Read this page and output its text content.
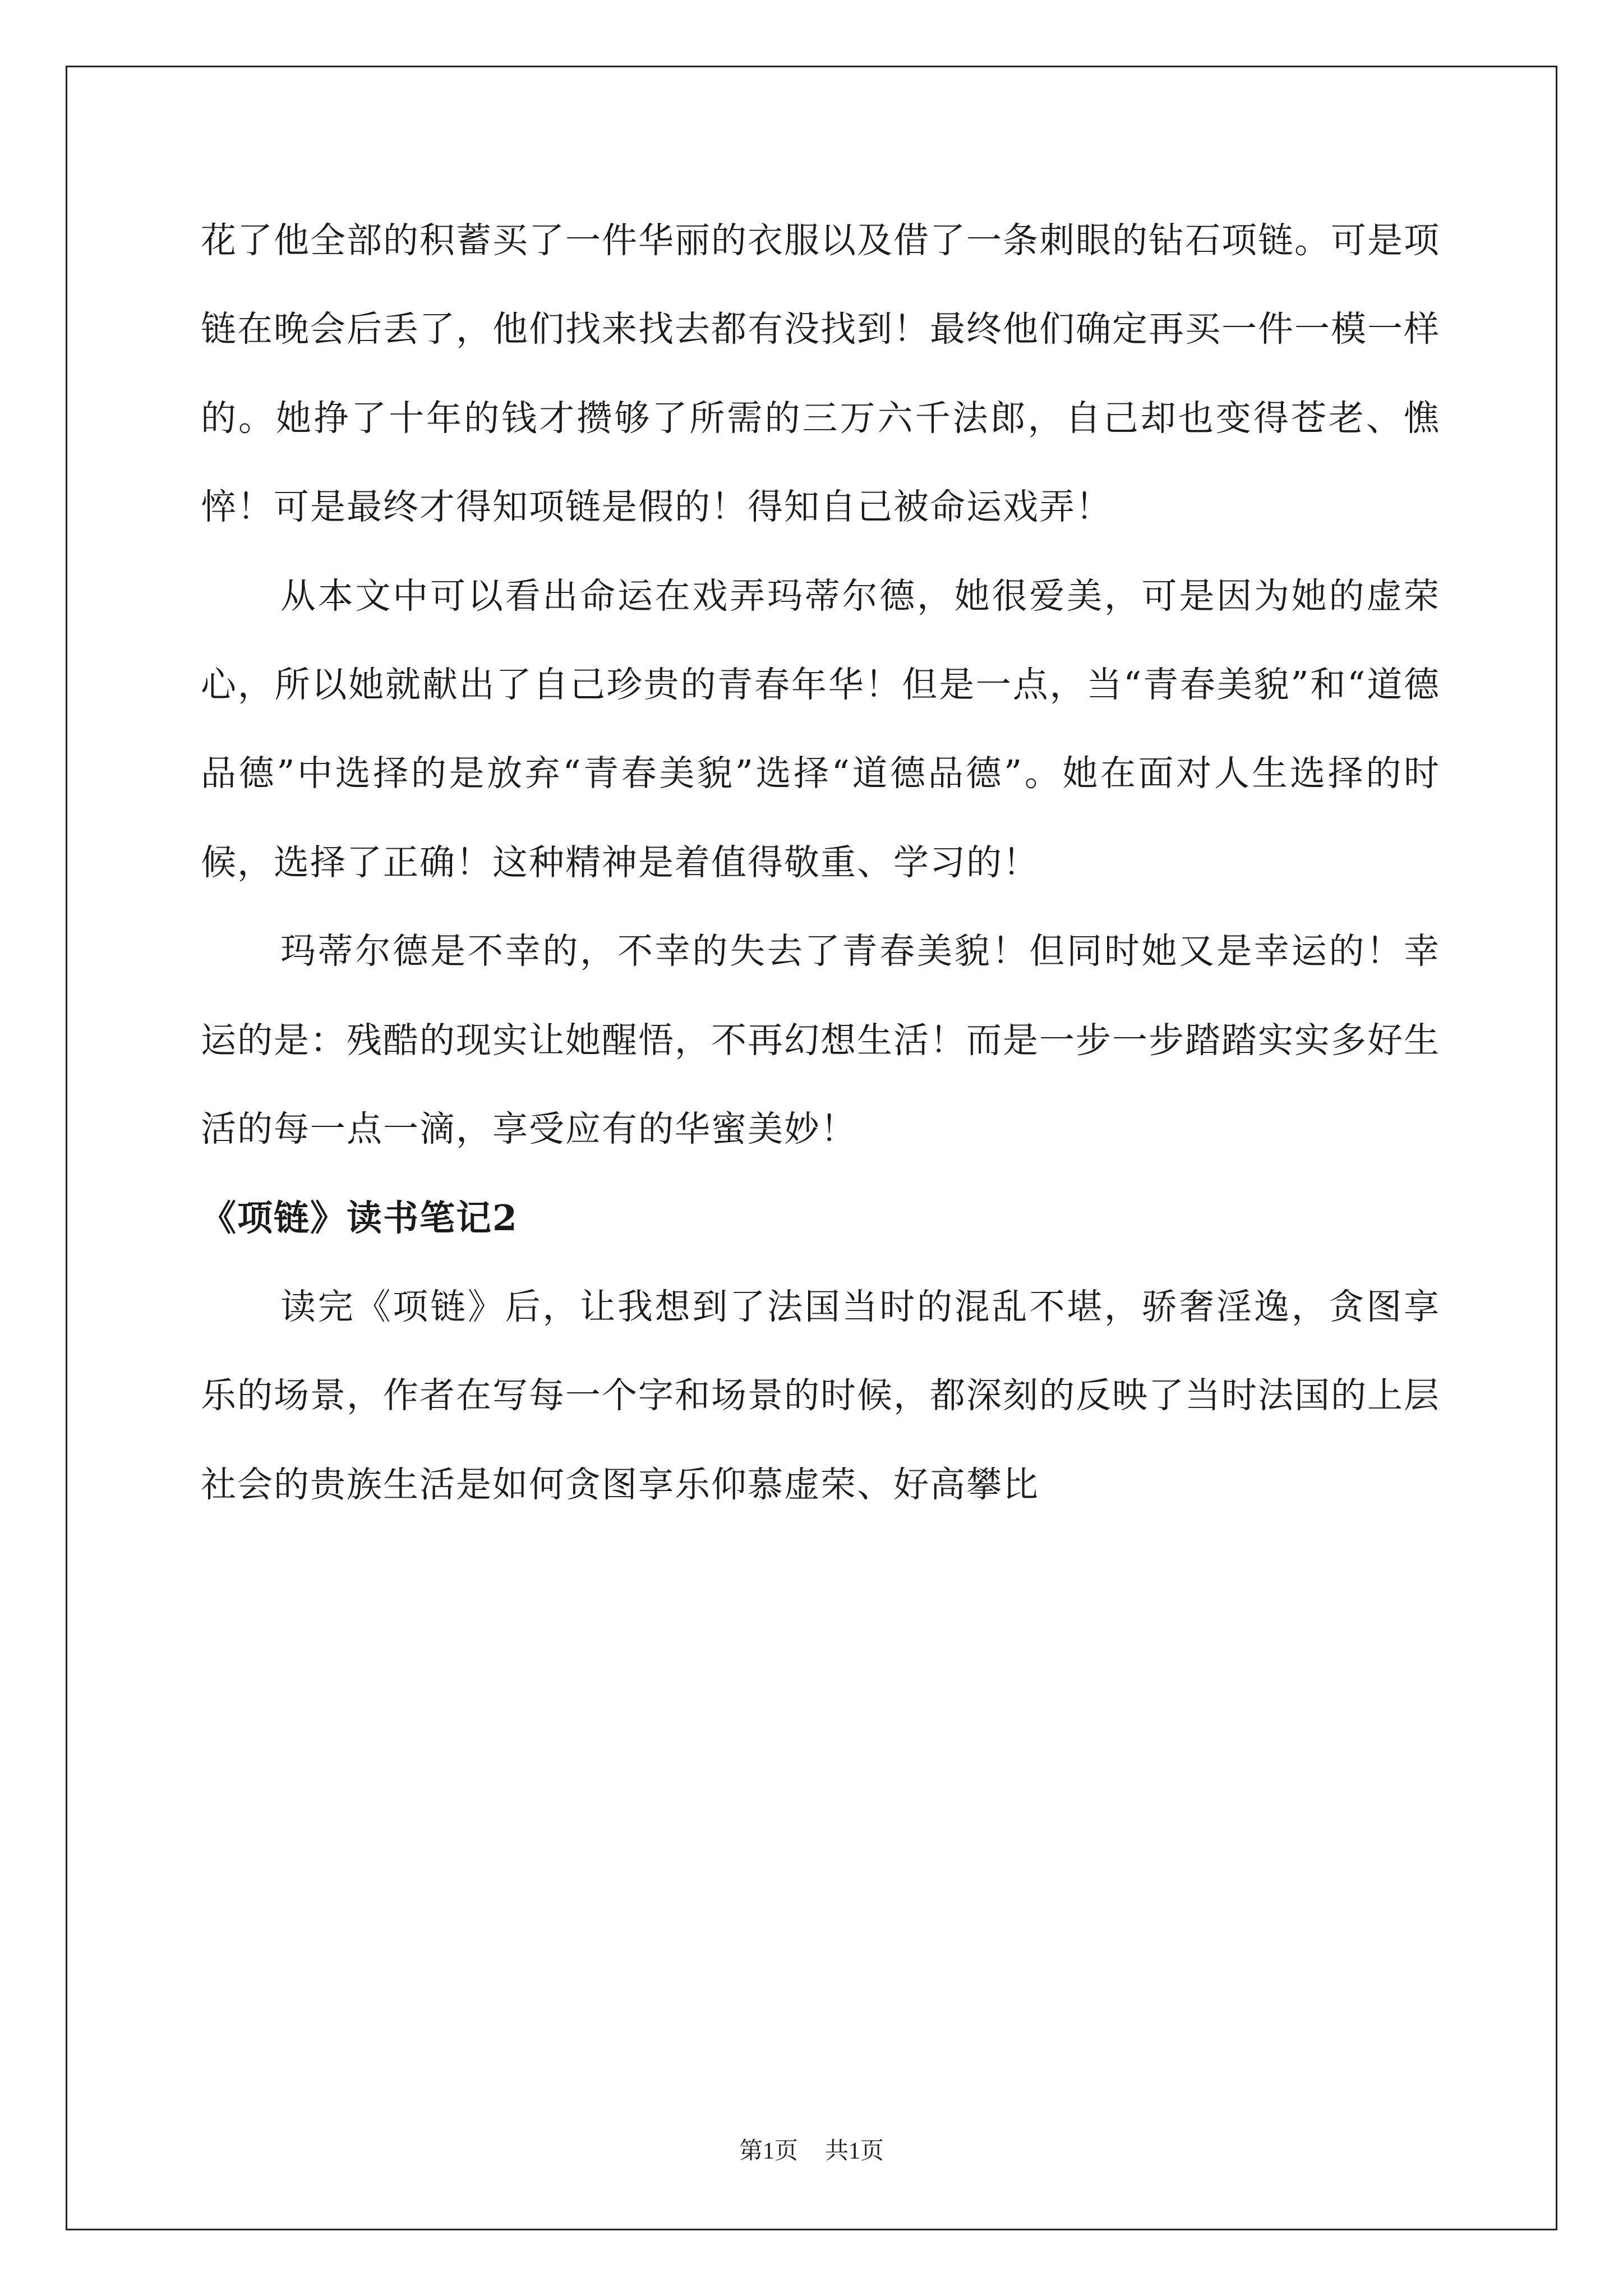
花了他全部的积蓄买了一件华丽的衣服以及借了一条刺眼的钻石项链。可是项链在晚会后丢了，他们找来找去都有没找到！最终他们确定再买一件一模一样的。她挣了十年的钱才攒够了所需的三万六千法郎，自己却也变得苍老、憔悴！可是最终才得知项链是假的！得知自己被命运戏弄！

从本文中可以看出命运在戏弄玛蒂尔德，她很爱美，可是因为她的虚荣心，所以她就献出了自己珍贵的青春年华！但是一点，当“青春美貌”和“道德品德”中选择的是放弃“青春美貌”选择“道德品德”。她在面对人生选择的时候，选择了正确！这种精神是着值得敬重、学习的！

玛蒂尔德是不幸的，不幸的失去了青春美貌！但同时她又是幸运的！幸运的是：残酷的现实让她醒悟，不再幻想生活！而是一步一步踏踏实实多好生活的每一点一滴，享受应有的华蜜美妙！

《项链》读书笔记2

读完《项链》后，让我想到了法国当时的混乱不堪，骄奢淫逸，贪图享乐的场景，作者在写每一个字和场景的时候，都深刻的反映了当时法国的上层社会的贵族生活是如何贪图享乐仰慕虚荣、好高攀比

第1页 共1页
